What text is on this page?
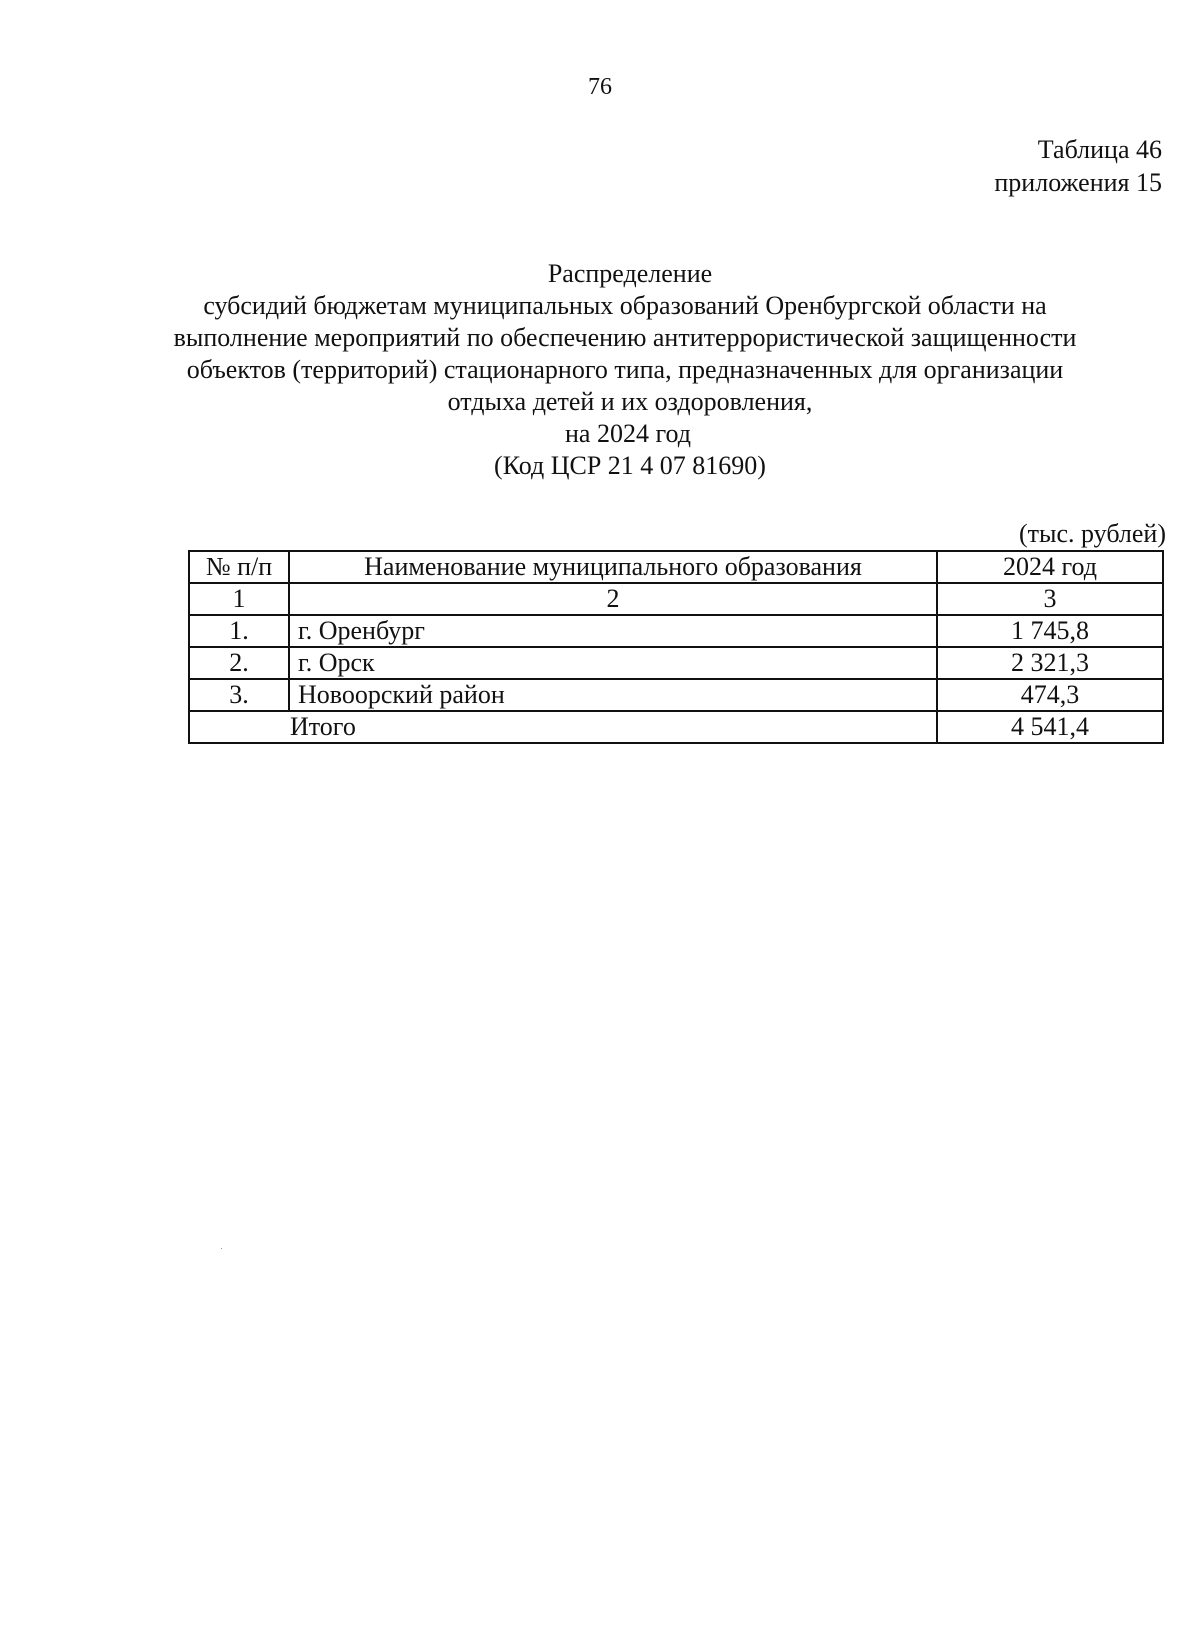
76
Таблица 46
приложения 15
Распределение
субсидий бюджетам муниципальных образований Оренбургской области на
выполнение мероприятий по обеспечению антитеррористической защищенности
объектов (территорий) стационарного типа, предназначенных для организации
отдыха детей и их оздоровления,
на 2024 год
(Код ЦСР 21 4 07 81690)
(тыс. рублей)
№ п/п	Наименование муниципального образования	2024 год
1	2	3
1.	г. Оренбург	1 745,8
2.	г. Орск	2 321,3
3.	Новоорский район	474,3
Итого		4 541,4
